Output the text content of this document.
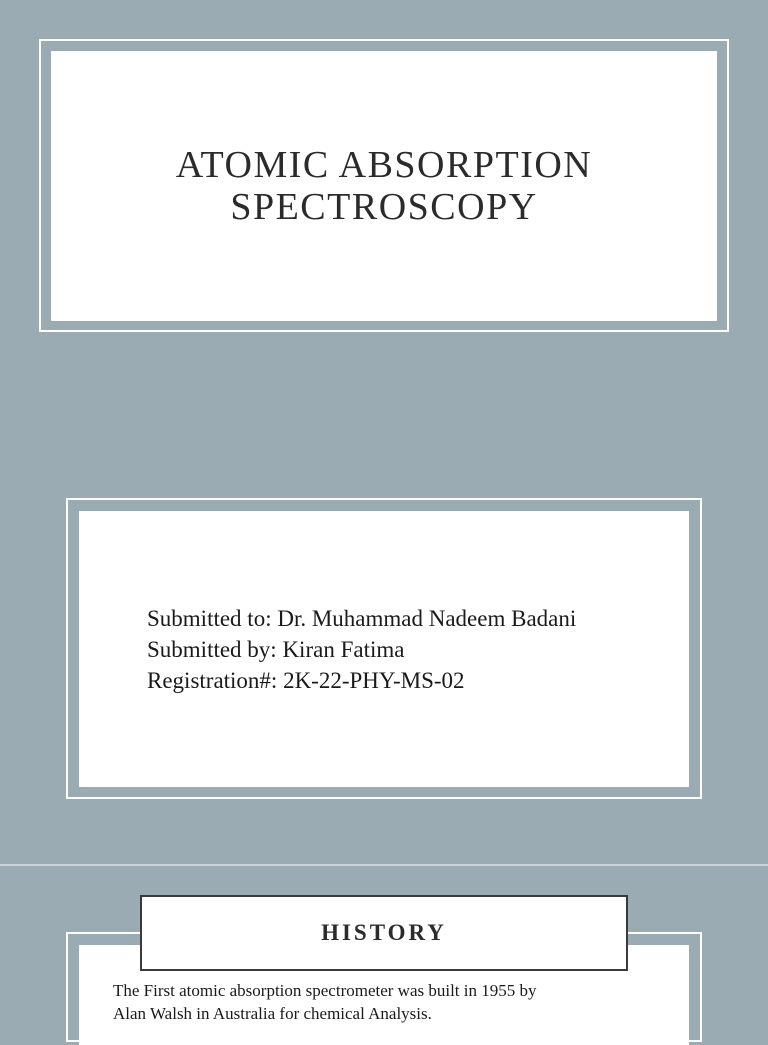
ATOMIC ABSORPTION
SPECTROSCOPY
Submitted to: Dr. Muhammad Nadeem Badani
Submitted by: Kiran Fatima
Registration#: 2K-22-PHY-MS-02
HISTORY
The First atomic absorption spectrometer was built in 1955 by
Alan Walsh in Australia for chemical Analysis.
